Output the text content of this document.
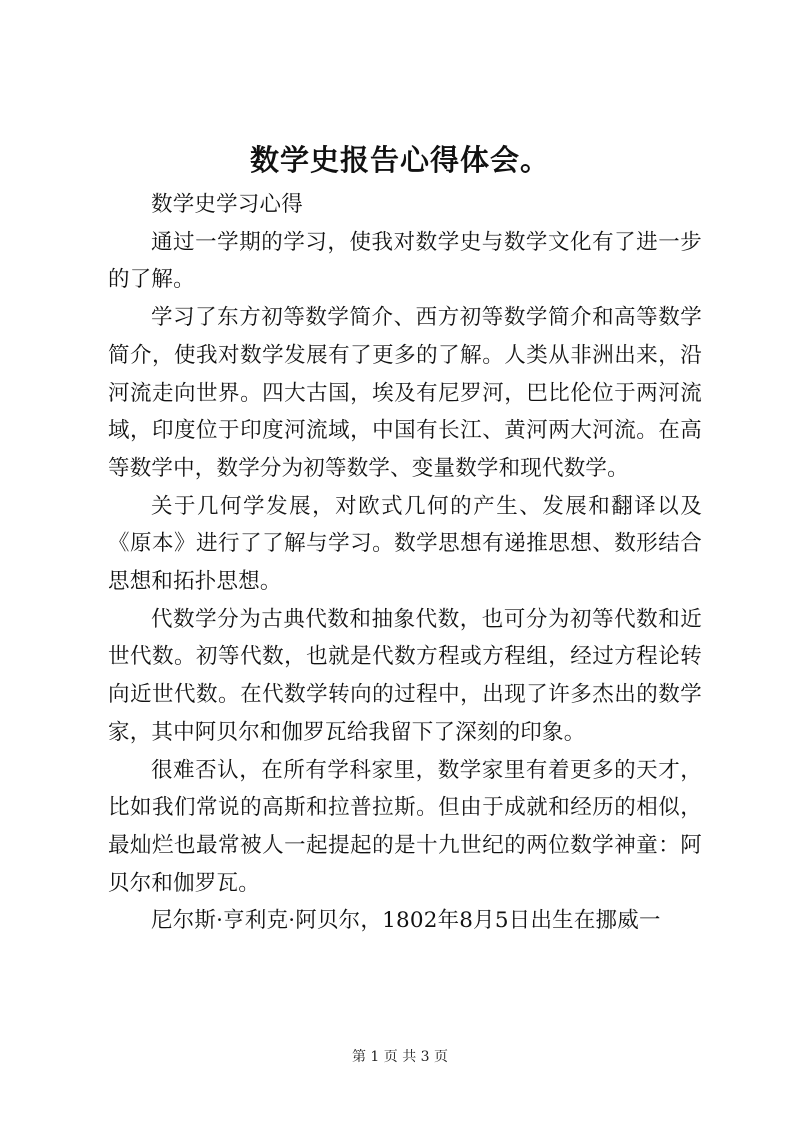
数学史报告心得体会。

数学史学习心得

通过一学期的学习，使我对数学史与数学文化有了进一步的了解。

学习了东方初等数学简介、西方初等数学简介和高等数学简介，使我对数学发展有了更多的了解。人类从非洲出来，沿河流走向世界。四大古国，埃及有尼罗河，巴比伦位于两河流域，印度位于印度河流域，中国有长江、黄河两大河流。在高等数学中，数学分为初等数学、变量数学和现代数学。

关于几何学发展，对欧式几何的产生、发展和翻译以及《原本》进行了了解与学习。数学思想有递推思想、数形结合思想和拓扑思想。

代数学分为古典代数和抽象代数，也可分为初等代数和近世代数。初等代数，也就是代数方程或方程组，经过方程论转向近世代数。在代数学转向的过程中，出现了许多杰出的数学家，其中阿贝尔和伽罗瓦给我留下了深刻的印象。

很难否认，在所有学科家里，数学家里有着更多的天才，比如我们常说的高斯和拉普拉斯。但由于成就和经历的相似，最灿烂也最常被人一起提起的是十九世纪的两位数学神童：阿贝尔和伽罗瓦。

尼尔斯·亨利克·阿贝尔，1802年8月5日出生在挪威一

第 1 页 共 3 页
